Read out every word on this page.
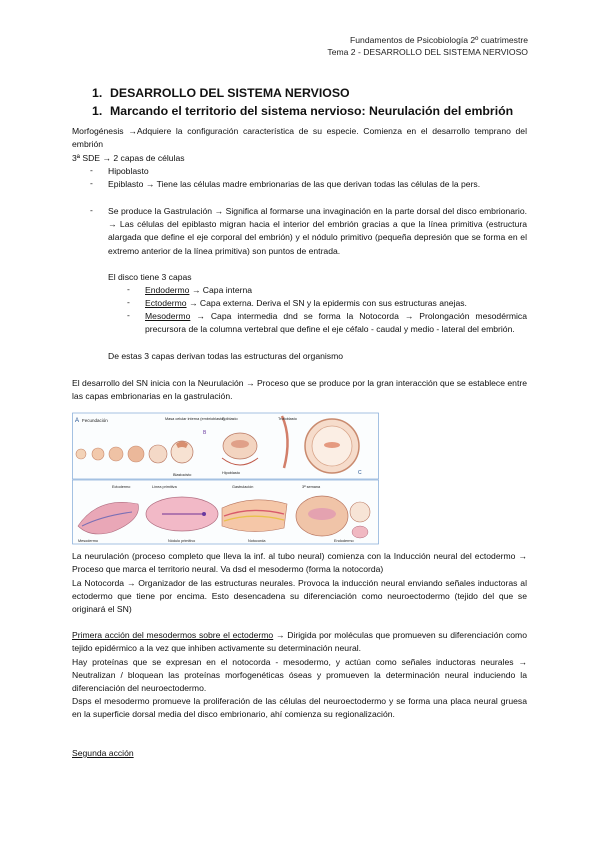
Fundamentos de Psicobiología 2º cuatrimestre
Tema 2 - DESARROLLO DEL SISTEMA NERVIOSO
1. DESARROLLO DEL SISTEMA NERVIOSO
1. Marcando el territorio del sistema nervioso: Neurulación del embrión
Morfogénesis →Adquiere la configuración característica de su especie. Comienza en el desarrollo temprano del embrión
3ª SDE → 2 capas de células
- Hipoblasto
- Epiblasto → Tiene las células madre embrionarias de las que derivan todas las células de la pers.
- Se produce la Gastrulación → Significa al formarse una invaginación en la parte dorsal del disco embrionario. → Las células del epiblasto migran hacia el interior del embrión gracias a que la línea primitiva (estructura alargada que define el eje corporal del embrión) y el nódulo primitivo (pequeña depresión que se forma en el extremo anterior de la línea primitiva) son puntos de entrada.
El disco tiene 3 capas
- Endodermo → Capa interna
- Ectodermo → Capa externa. Deriva el SN y la epidermis con sus estructuras anejas.
- Mesodermo → Capa intermedia dnd se forma la Notocorda → Prolongación mesodérmica precursora de la columna vertebral que define el eje céfalo - caudal y medio - lateral del embrión.
De estas 3 capas derivan todas las estructuras del organismo
El desarrollo del SN inicia con la Neurulación → Proceso que se produce por la gran interacción que se establece entre las capas embrionarias en la gastrulación.
A Fecundación	Masa celular interna (embrioblasto)
Blastocisto
B
Epiblasto
Hipoblasto
Trofoblasto
C
Ectodermo	Línea primitiva	Gastrulación	3ª semana
Mesodermo	Nódulo primitivo	Notocorda	Endodermo
La neurulación (proceso completo que lleva la inf. al tubo neural) comienza con la Inducción neural del ectodermo → Proceso que marca el territorio neural. Va dsd el mesodermo (forma la notocorda)
La Notocorda → Organizador de las estructuras neurales. Provoca la inducción neural enviando señales inductoras al ectodermo que tiene por encima. Esto desencadena su diferenciación como neuroectodermo (tejido del que se originará el SN)
Primera acción del mesodermos sobre el ectodermo → Dirigida por moléculas que promueven su diferenciación como tejido epidérmico a la vez que inhiben activamente su determinación neural.
Hay proteínas que se expresan en el notocorda - mesodermo, y actúan como señales inductoras neurales → Neutralizan / bloquean las proteínas morfogenéticas óseas y promueven la determinación neural induciendo la diferenciación del neuroectodermo.
Dsps el mesodermo promueve la proliferación de las células del neuroectodermo y se forma una placa neural gruesa en la superficie dorsal media del disco embrionario, ahí comienza su regionalización.
Segunda acción
